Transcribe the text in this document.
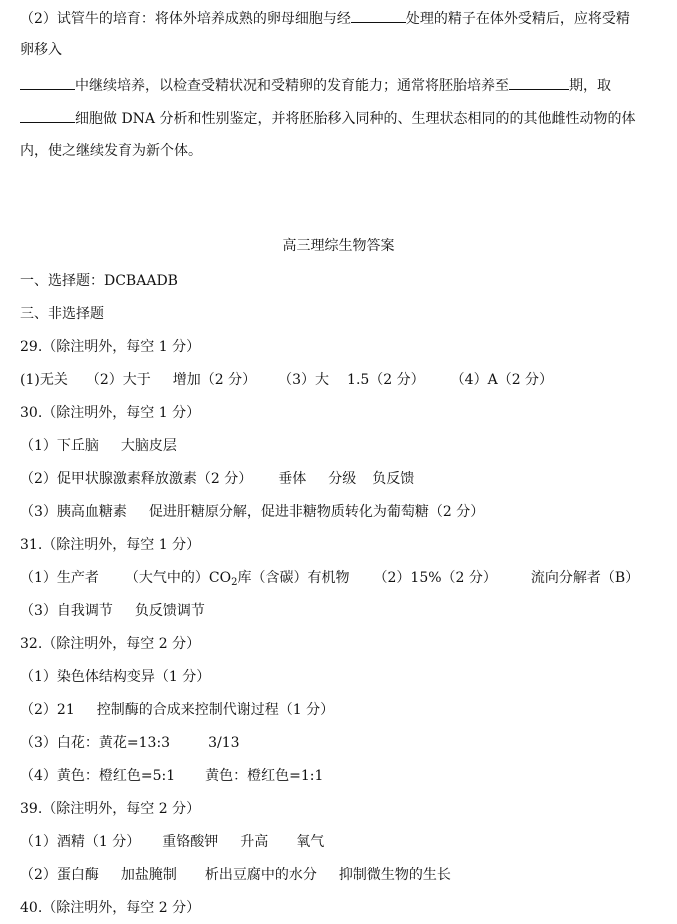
（2）试管牛的培育：将体外培养成熟的卵母细胞与经	处理的精子在体外受精后，应将受精
卵移入
中继续培养，以检查受精状况和受精卵的发育能力；通常将胚胎培养至	期，取
细胞做 DNA 分析和性别鉴定，并将胚胎移入同种的、生理状态相同的的其他雌性动物的体
内，使之继续发育为新个体。
高三理综生物答案
一、选择题：DCBAADB
三、非选择题
29.（除注明外，每空 1 分）
(1)无关 （2）大于 增加（2 分） （3）大 1.5（2 分） （4）A（2 分）
30.（除注明外，每空 1 分）
（1）下丘脑 大脑皮层
（2）促甲状腺激素释放激素（2 分） 垂体 分级 负反馈
（3）胰高血糖素 促进肝糖原分解，促进非糖物质转化为葡萄糖（2 分）
31.（除注明外，每空 1 分）
（1）生产者 （大气中的）$CO_2$库（含碳）有机物 （2）15%（2 分） 流向分解者（B）
（3）自我调节 负反馈调节
32.（除注明外，每空 2 分）
（1）染色体结构变异（1 分）
（2）21 控制酶的合成来控制代谢过程（1 分）
（3）白花：黄花=13:3	3/13
（4）黄色：橙红色=5:1 黄色：橙红色=1:1
39.（除注明外，每空 2 分）
（1）酒精（1 分） 重铬酸钾 升高 氧气
（2）蛋白酶 加盐腌制 析出豆腐中的水分 抑制微生物的生长
40.（除注明外，每空 2 分）
